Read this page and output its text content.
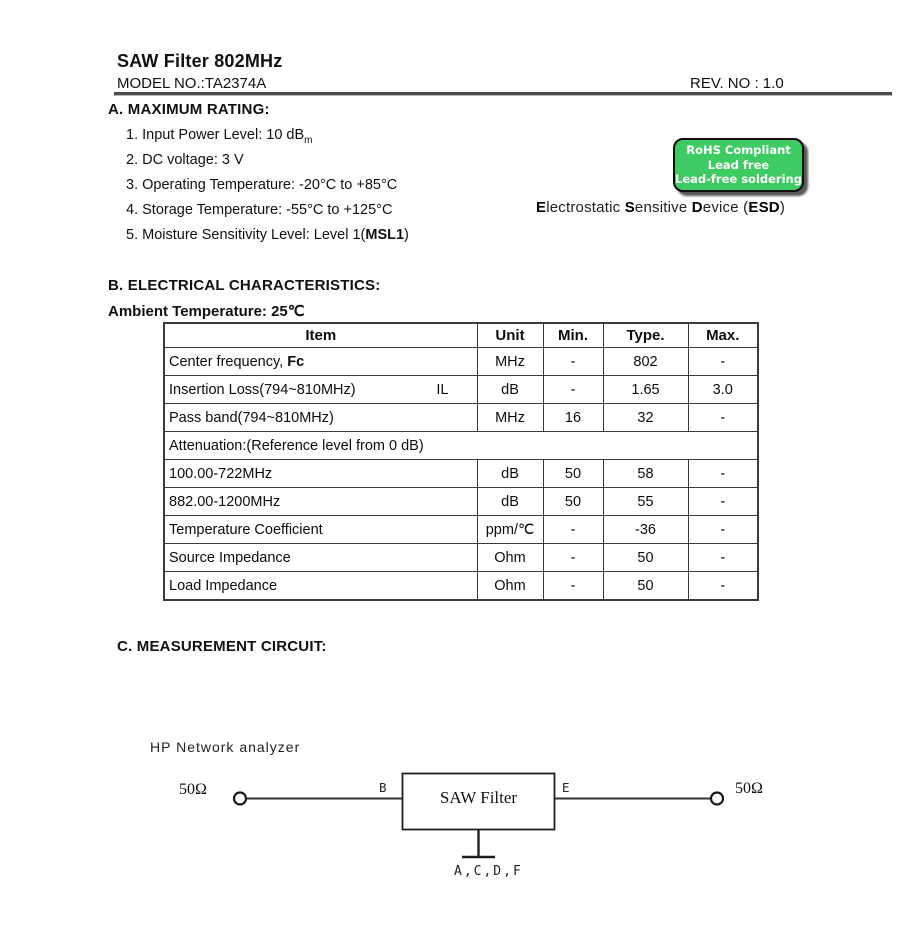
SAW Filter 802MHz
MODEL NO.:TA2374A	REV. NO : 1.0
A. MAXIMUM RATING:
1. Input Power Level: 10 $dB_m$
2. DC voltage: 3 V
3. Operating Temperature: -20°C to +85°C
4. Storage Temperature: -55°C to +125°C
5. Moisture Sensitivity Level: Level 1(MSL1)
RoHS Compliant
Lead free
Lead-free soldering
Electrostatic Sensitive Device (ESD)
B. ELECTRICAL CHARACTERISTICS:
Ambient Temperature: 25℃
Item	Unit	Min.	Type.	Max.
Center frequency, Fc	MHz	-	802	-

Insertion Loss(794~810MHz) IL	dB	-	1.65	3.0
Pass band(794~810MHz)	MHz	16	32	-
Attenuation:(Reference level from 0 dB)				
100.00-722MHz	dB	50	58	-
882.00-1200MHz	dB	50	55	-
Temperature Coefficient	ppm/℃	-	-36	-
Source Impedance	Ohm	-	50	-
Load Impedance	Ohm	-	50	-
C. MEASUREMENT CIRCUIT:
HP Network analyzer
50Ω	50Ω
B	E
SAW Filter
A,C,D,F
